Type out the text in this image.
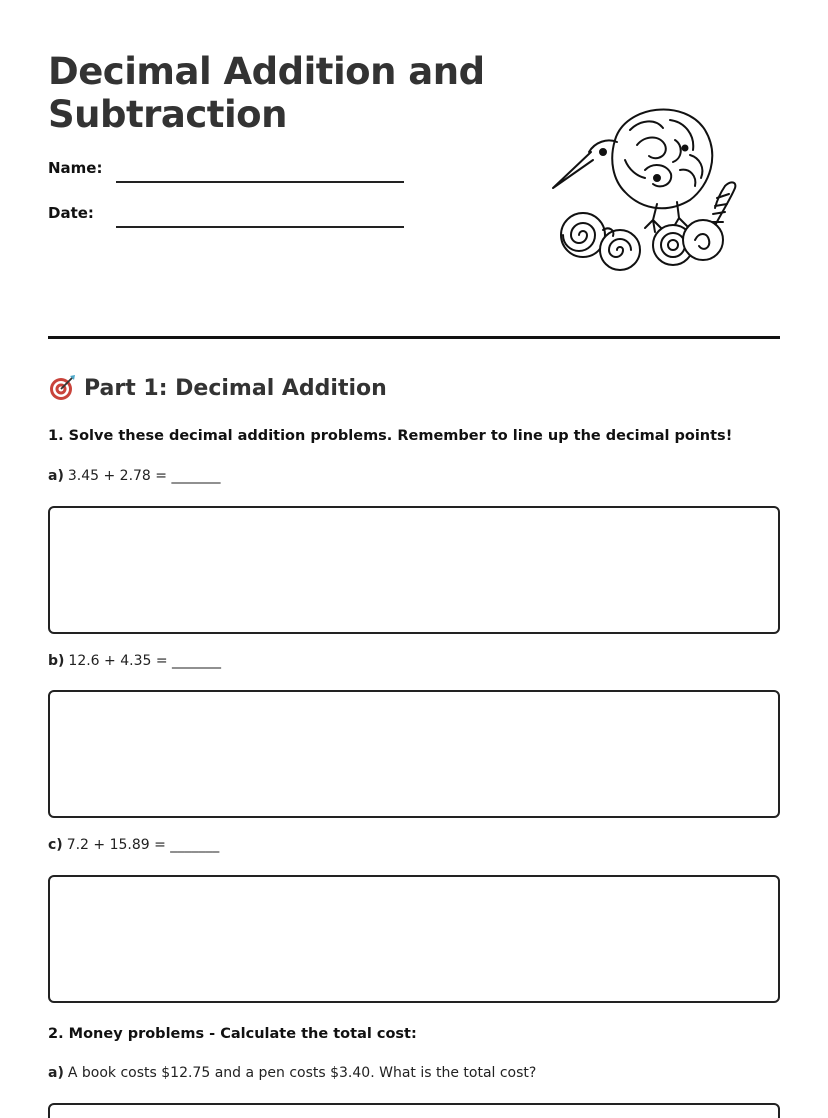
Decimal Addition and
Subtraction
Name:
Date:
Part 1: Decimal Addition
1. Solve these decimal addition problems. Remember to line up the decimal points!
a) 3.45 + 2.78 = _______
b) 12.6 + 4.35 = _______
c) 7.2 + 15.89 = _______
2. Money problems - Calculate the total cost:
a) A book costs $12.75 and a pen costs $3.40. What is the total cost?
